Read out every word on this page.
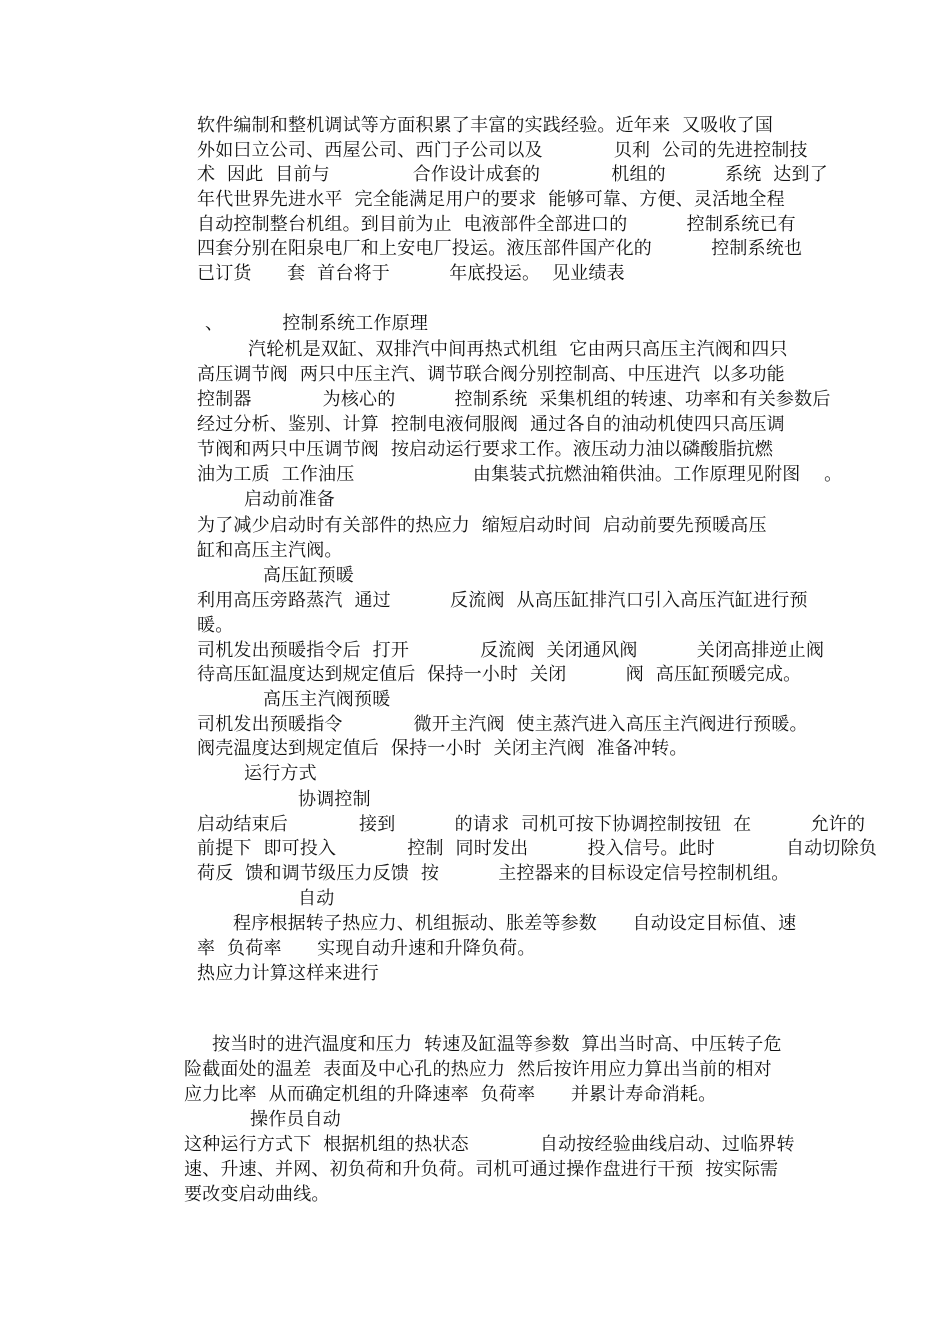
软件编制和整机调试等方面积累了丰富的实践经验。近年来  又吸收了国

外如曰立公司、西屋公司、西门子公司以及            贝利  公司的先进控制技

术  因此  目前与              合作设计成套的            机组的          系统  达到了

年代世界先进水平  完全能满足用户的要求  能够可靠、方便、灵活地全程

自动控制整台机组。到目前为止  电液部件全部进口的          控制系统已有

四套分别在阳泉电厂和上安电厂投运。液压部件国产化的          控制系统也

已订货      套  首台将于          年底投运。  见业绩表

、          控制系统工作原理

汽轮机是双缸、双排汽中间再热式机组  它由两只高压主汽阀和四只

高压调节阀  两只中压主汽、调节联合阀分别控制高、中压进汽  以多功能

控制器            为核心的          控制系统  采集机组的转速、功率和有关参数后

经过分析、鉴别、计算  控制电液伺服阀  通过各自的油动机使四只高压调

节阀和两只中压调节阀  按启动运行要求工作。液压动力油以磷酸脂抗燃

油为工质  工作油压                    由集装式抗燃油箱供油。工作原理见附图    。

启动前准备

为了减少启动时有关部件的热应力  缩短启动时间  启动前要先预暖高压

缸和高压主汽阀。

高压缸预暖

利用高压旁路蒸汽  通过          反流阀  从高压缸排汽口引入高压汽缸进行预

暖。

司机发出预暖指令后  打开            反流阀  关闭通风阀          关闭高排逆止阀

待高压缸温度达到规定值后  保持一小时  关闭          阀  高压缸预暖完成。

高压主汽阀预暖

司机发出预暖指令            微开主汽阀  使主蒸汽进入高压主汽阀进行预暖。

阀壳温度达到规定值后  保持一小时  关闭主汽阀  准备冲转。

运行方式

协调控制

启动结束后            接到          的请求  司机可按下协调控制按钮  在          允许的

前提下  即可投入            控制  同时发出          投入信号。此时            自动切除负

荷反  馈和调节级压力反馈  按          主控器来的目标设定信号控制机组。

自动

程序根据转子热应力、机组振动、胀差等参数      自动设定目标值、速

率  负荷率      实现自动升速和升降负荷。

热应力计算这样来进行

按当时的进汽温度和压力  转速及缸温等参数  算出当时高、中压转子危

险截面处的温差  表面及中心孔的热应力  然后按许用应力算出当前的相对

应力比率  从而确定机组的升降速率  负荷率      并累计寿命消耗。

操作员自动

这种运行方式下  根据机组的热状态            自动按经验曲线启动、过临界转

速、升速、并网、初负荷和升负荷。司机可通过操作盘进行干预  按实际需

要改变启动曲线。
